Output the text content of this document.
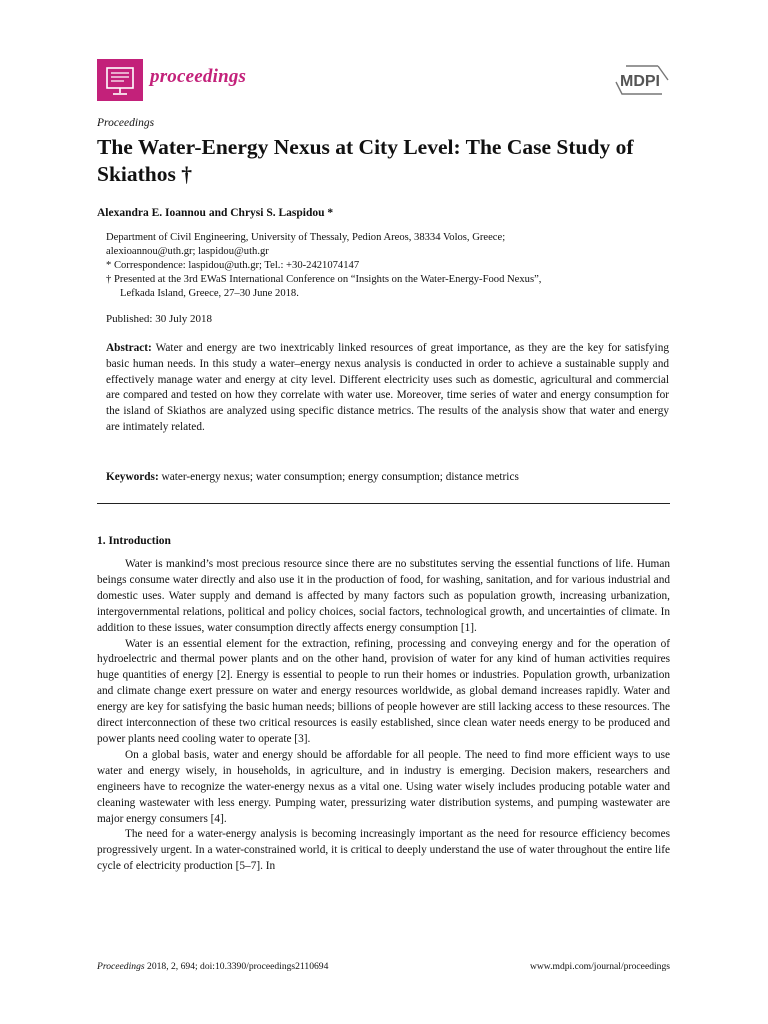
proceedings	MDPI
Proceedings
The Water-Energy Nexus at City Level: The Case Study of Skiathos †
Alexandra E. Ioannou and Chrysi S. Laspidou *
Department of Civil Engineering, University of Thessaly, Pedion Areos, 38334 Volos, Greece;
alexioannou@uth.gr; laspidou@uth.gr
* Correspondence: laspidou@uth.gr; Tel.: +30-2421074147
† Presented at the 3rd EWaS International Conference on “Insights on the Water-Energy-Food Nexus”,
Lefkada Island, Greece, 27–30 June 2018.
Published: 30 July 2018
Abstract: Water and energy are two inextricably linked resources of great importance, as they are the key for satisfying basic human needs. In this study a water–energy nexus analysis is conducted in order to achieve a sustainable supply and effectively manage water and energy at city level. Different electricity uses such as domestic, agricultural and commercial are compared and tested on how they correlate with water use. Moreover, time series of water and energy consumption for the island of Skiathos are analyzed using specific distance metrics. The results of the analysis show that water and energy are intimately related.
Keywords: water-energy nexus; water consumption; energy consumption; distance metrics
1. Introduction

Water is mankind’s most precious resource since there are no substitutes serving the essential functions of life. Human beings consume water directly and also use it in the production of food, for washing, sanitation, and for various industrial and domestic uses. Water supply and demand is affected by many factors such as population growth, increasing urbanization, intergovernmental relations, political and policy choices, social factors, technological growth, and uncertainties of climate. In addition to these issues, water consumption directly affects energy consumption [1].

Water is an essential element for the extraction, refining, processing and conveying energy and for the operation of hydroelectric and thermal power plants and on the other hand, provision of water for any kind of human activities requires huge quantities of energy [2]. Energy is essential to people to run their homes or industries. Population growth, urbanization and climate change exert pressure on water and energy resources worldwide, as global demand increases rapidly. Water and energy are key for satisfying the basic human needs; billions of people however are still lacking access to these resources. The direct interconnection of these two critical resources is easily established, since clean water needs energy to be produced and power plants need cooling water to operate [3].

On a global basis, water and energy should be affordable for all people. The need to find more efficient ways to use water and energy wisely, in households, in agriculture, and in industry is emerging. Decision makers, researchers and engineers have to recognize the water-energy nexus as a vital one. Using water wisely includes producing potable water and cleaning wastewater with less energy. Pumping water, pressurizing water distribution systems, and pumping wastewater are major energy consumers [4].

The need for a water-energy analysis is becoming increasingly important as the need for resource efficiency becomes progressively urgent. In a water-constrained world, it is critical to deeply understand the use of water throughout the entire life cycle of electricity production [5–7]. In

Proceedings 2018, 2, 694; doi:10.3390/proceedings2110694	www.mdpi.com/journal/proceedings
